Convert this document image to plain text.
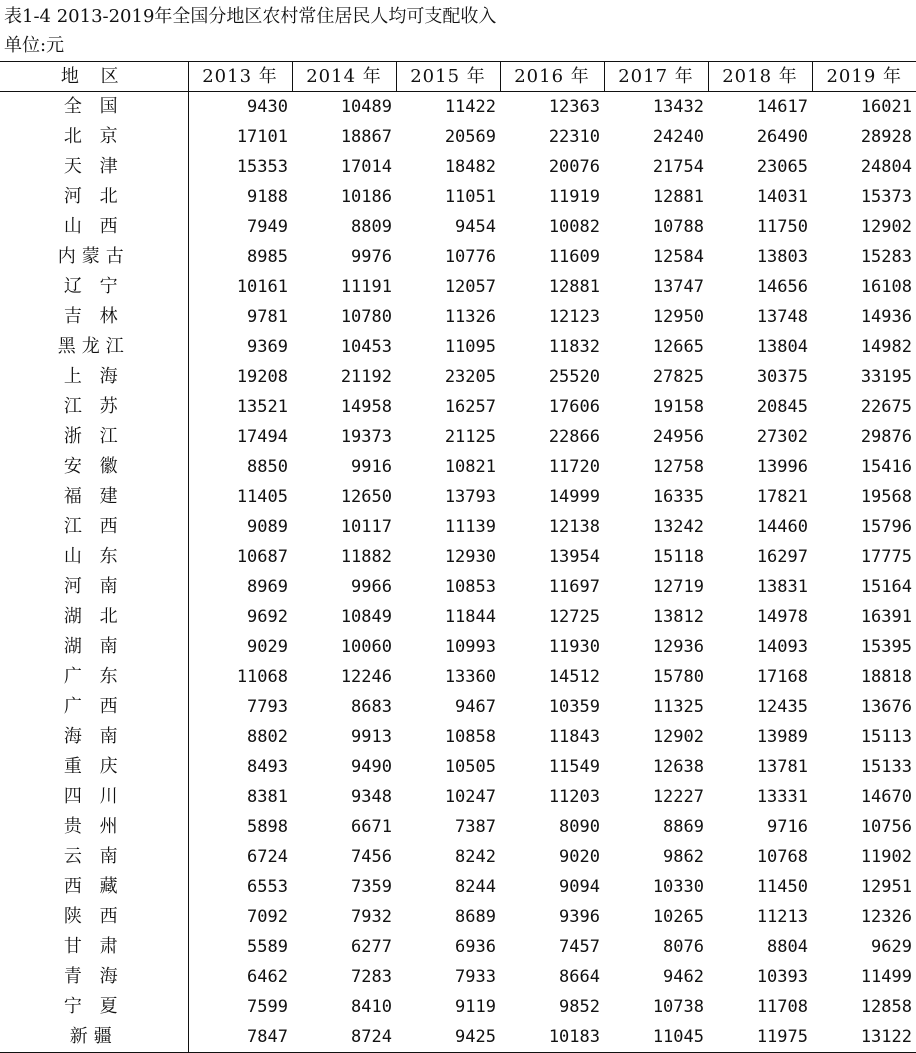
表1-4 2013-2019年全国分地区农村常住居民人均可支配收入
单位:元
地 区	2013 年	2014 年	2015 年	2016 年	2017 年	2018 年	2019 年
全 国	9430	10489	11422	12363	13432	14617	16021
北 京	17101	18867	20569	22310	24240	26490	28928
天 津	15353	17014	18482	20076	21754	23065	24804
河 北	9188	10186	11051	11919	12881	14031	15373
山 西	7949	8809	9454	10082	10788	11750	12902
内蒙古	8985	9976	10776	11609	12584	13803	15283
辽 宁	10161	11191	12057	12881	13747	14656	16108
吉 林	9781	10780	11326	12123	12950	13748	14936
黑龙江	9369	10453	11095	11832	12665	13804	14982
上 海	19208	21192	23205	25520	27825	30375	33195
江 苏	13521	14958	16257	17606	19158	20845	22675
浙 江	17494	19373	21125	22866	24956	27302	29876
安 徽	8850	9916	10821	11720	12758	13996	15416
福 建	11405	12650	13793	14999	16335	17821	19568
江 西	9089	10117	11139	12138	13242	14460	15796
山 东	10687	11882	12930	13954	15118	16297	17775
河 南	8969	9966	10853	11697	12719	13831	15164
湖 北	9692	10849	11844	12725	13812	14978	16391
湖 南	9029	10060	10993	11930	12936	14093	15395
广 东	11068	12246	13360	14512	15780	17168	18818
广 西	7793	8683	9467	10359	11325	12435	13676
海 南	8802	9913	10858	11843	12902	13989	15113
重 庆	8493	9490	10505	11549	12638	13781	15133
四 川	8381	9348	10247	11203	12227	13331	14670
贵 州	5898	6671	7387	8090	8869	9716	10756
云 南	6724	7456	8242	9020	9862	10768	11902
西 藏	6553	7359	8244	9094	10330	11450	12951
陕 西	7092	7932	8689	9396	10265	11213	12326
甘 肃	5589	6277	6936	7457	8076	8804	9629
青 海	6462	7283	7933	8664	9462	10393	11499
宁 夏	7599	8410	9119	9852	10738	11708	12858
新疆	7847	8724	9425	10183	11045	11975	13122
